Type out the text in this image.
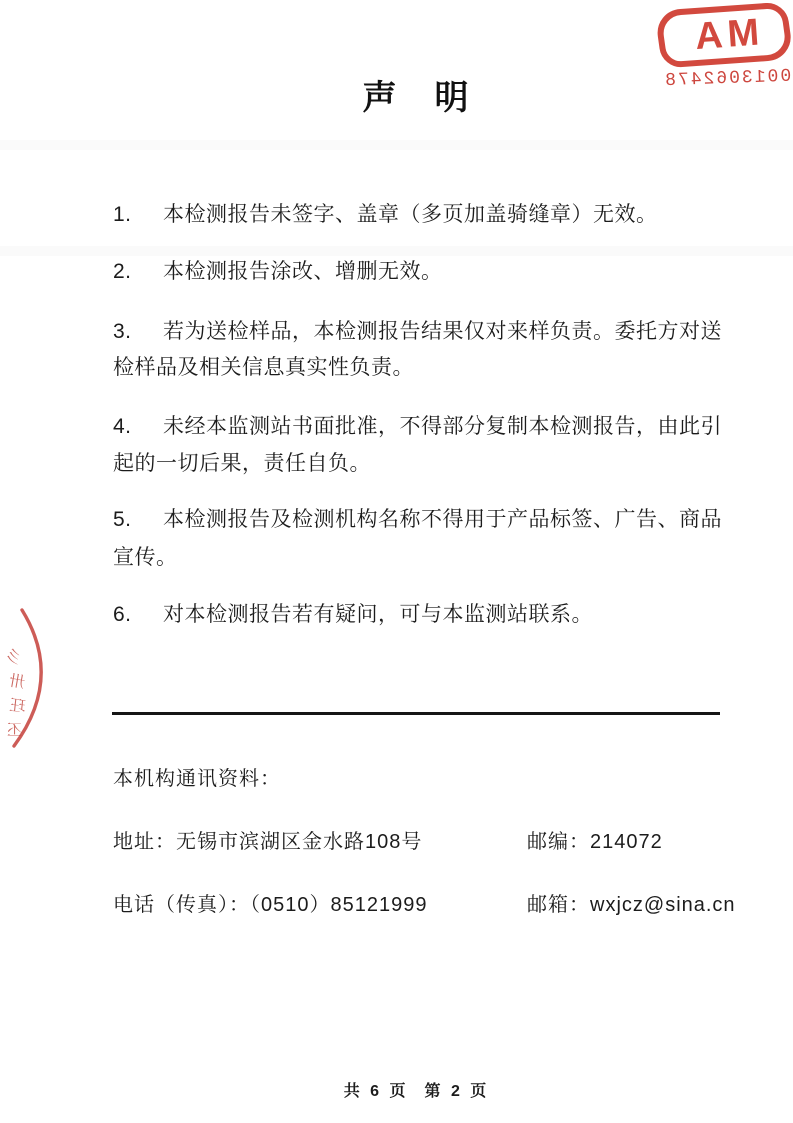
声　明
MA
0013062478
彡
卅
玨
丕
1. 本检测报告未签字、盖章（多页加盖骑缝章）无效。
2. 本检测报告涂改、增删无效。
3. 若为送检样品，本检测报告结果仅对来样负责。委托方对送
检样品及相关信息真实性负责。
4. 未经本监测站书面批准，不得部分复制本检测报告，由此引
起的一切后果，责任自负。
5. 本检测报告及检测机构名称不得用于产品标签、广告、商品
宣传。
6. 对本检测报告若有疑问，可与本监测站联系。
本机构通讯资料：
地址：无锡市滨湖区金水路108号	邮编：214072
电话（传真）：（0510）85121999	邮箱：wxjcz@sina.cn
共 6 页 第 2 页
